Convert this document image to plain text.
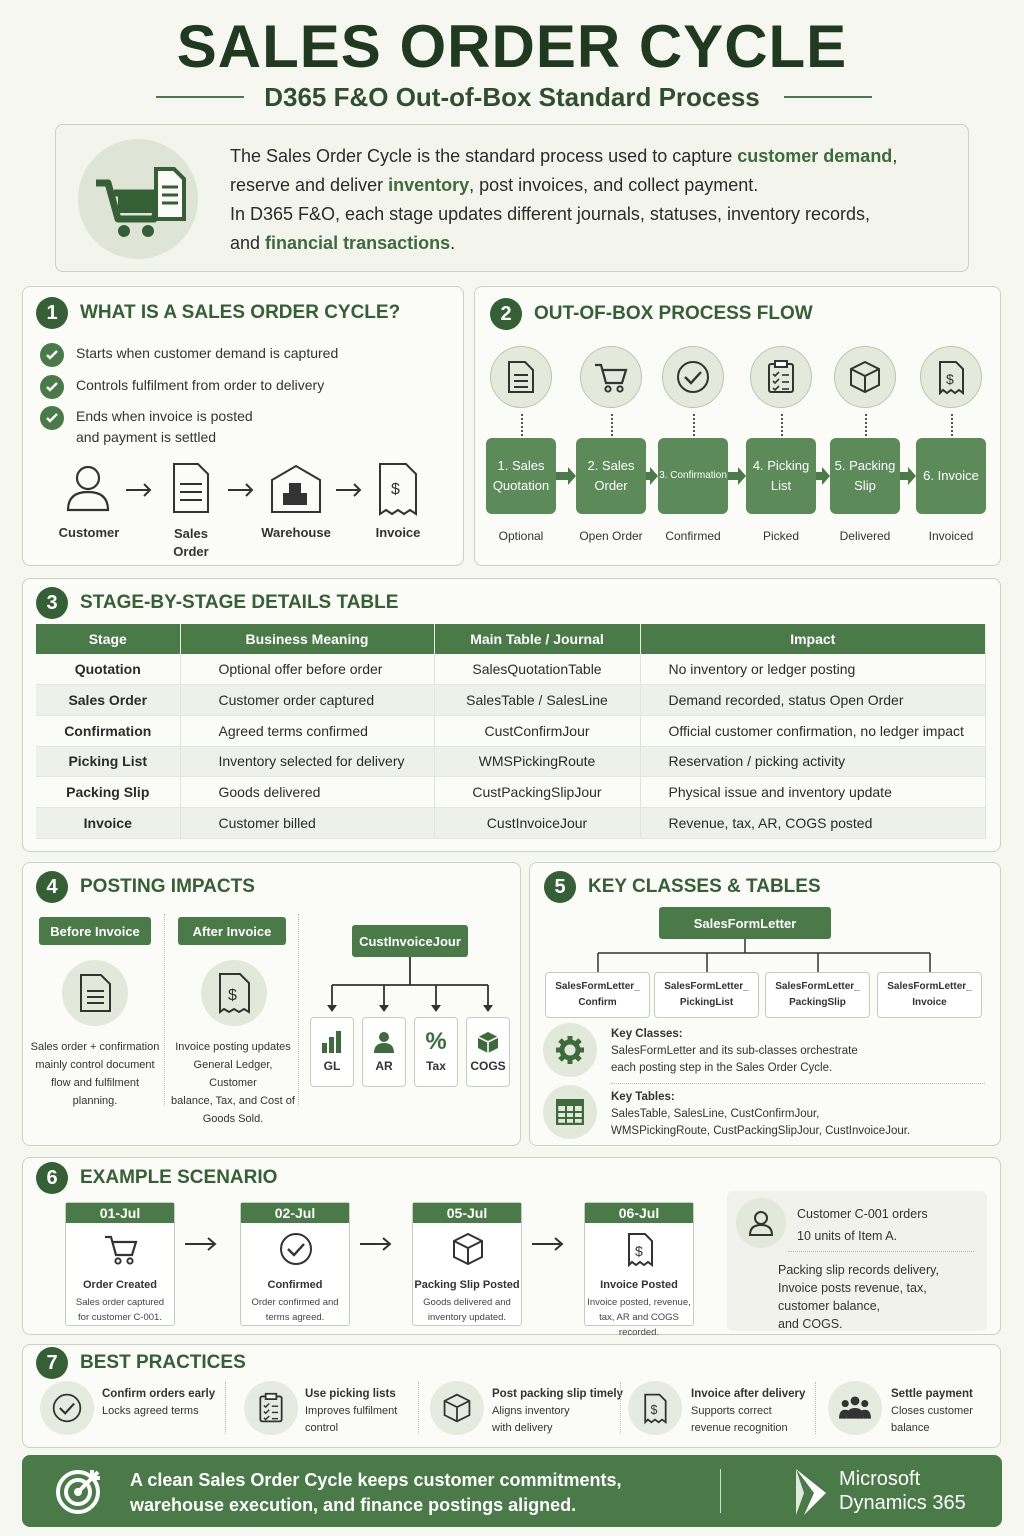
SALES ORDER CYCLE
D365 F&O Out-of-Box Standard Process
The Sales Order Cycle is the standard process used to capture customer demand,
reserve and deliver inventory, post invoices, and collect payment.
In D365 F&O, each stage updates different journals, statuses, inventory records,
and financial transactions.
1	WHAT IS A SALES ORDER CYCLE?
Starts when customer demand is captured
Controls fulfilment from order to delivery
Ends when invoice is posted
and payment is settled
$
Customer	Sales
Order
Warehouse	Invoice
2	OUT-OF-BOX PROCESS FLOW
1. Sales
Quotation
Optional
2. Sales
Order
Open Order
3. Confirmation
Confirmed
4. Picking
List
Picked
5. Packing
Slip
Delivered
$
6. Invoice
Invoiced
3	STAGE-BY-STAGE DETAILS TABLE
Stage	Business Meaning	Main Table / Journal	Impact
Quotation	Optional offer before order	SalesQuotationTable	No inventory or ledger posting
Sales Order	Customer order captured	SalesTable / SalesLine	Demand recorded, status Open Order
Confirmation	Agreed terms confirmed	CustConfirmJour	Official customer confirmation, no ledger impact
Picking List	Inventory selected for delivery	WMSPickingRoute	Reservation / picking activity
Packing Slip	Goods delivered	CustPackingSlipJour	Physical issue and inventory update
Invoice	Customer billed	CustInvoiceJour	Revenue, tax, AR, COGS posted
4	POSTING IMPACTS
Before Invoice	After Invoice
$
Sales order + confirmation
mainly control document
flow and fulfilment
planning.
Invoice posting updates
General Ledger, Customer
balance, Tax, and Cost of
Goods Sold.
CustInvoiceJour
GL	AR
%
Tax COGS
5	KEY CLASSES & TABLES
SalesFormLetter
SalesFormLetter_
Confirm
SalesFormLetter_
PickingList
SalesFormLetter_
PackingSlip
SalesFormLetter_
Invoice
Key Classes:
SalesFormLetter and its sub-classes orchestrate
each posting step in the Sales Order Cycle.
Key Tables:
SalesTable, SalesLine, CustConfirmJour,
WMSPickingRoute, CustPackingSlipJour, CustInvoiceJour.
6	EXAMPLE SCENARIO
01-Jul
Order Created
Sales order captured
for customer C-001.
02-Jul
Confirmed
Order confirmed and
terms agreed.
05-Jul
Packing Slip Posted
Goods delivered and
inventory updated.
06-Jul
$
Invoice Posted
Invoice posted, revenue,
tax, AR and COGS recorded.
Customer C-001 orders
10 units of Item A.
Packing slip records delivery,
Invoice posts revenue, tax,
customer balance,
and COGS.
7	BEST PRACTICES
Confirm orders early
Locks agreed terms
Use picking lists
Improves fulfilment
control
Post packing slip timely
Aligns inventory
with delivery
$
Invoice after delivery
Supports correct
revenue recognition
Settle payment
Closes customer
balance
A clean Sales Order Cycle keeps customer commitments,
warehouse execution, and finance postings aligned.
Microsoft
Dynamics 365
